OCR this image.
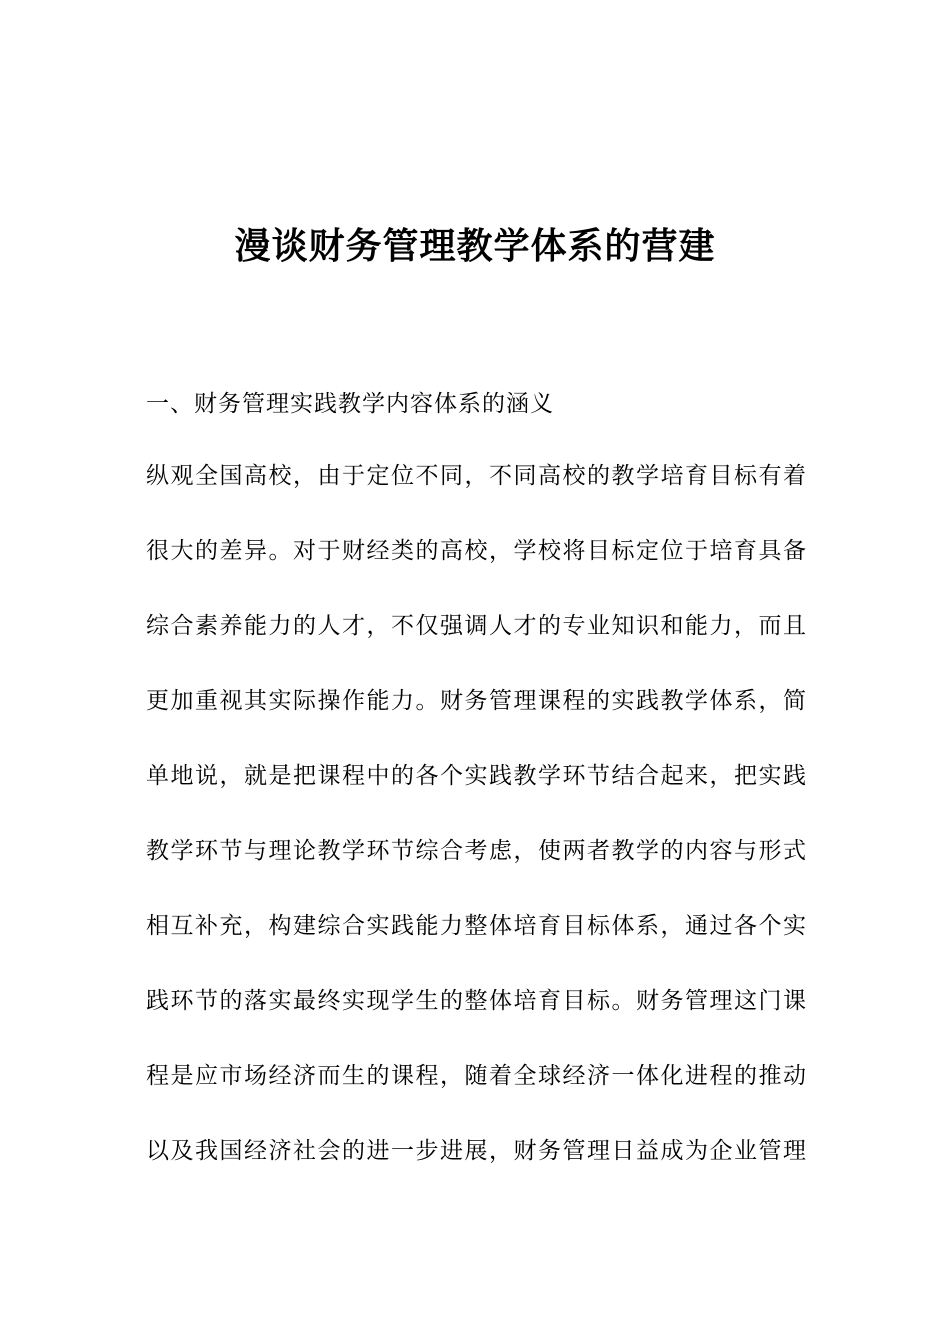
漫谈财务管理教学体系的营建
一、财务管理实践教学内容体系的涵义
纵观全国高校，由于定位不同，不同高校的教学培育目标有着
很大的差异。对于财经类的高校，学校将目标定位于培育具备
综合素养能力的人才，不仅强调人才的专业知识和能力，而且
更加重视其实际操作能力。财务管理课程的实践教学体系，简
单地说，就是把课程中的各个实践教学环节结合起来，把实践
教学环节与理论教学环节综合考虑，使两者教学的内容与形式
相互补充，构建综合实践能力整体培育目标体系，通过各个实
践环节的落实最终实现学生的整体培育目标。财务管理这门课
程是应市场经济而生的课程，随着全球经济一体化进程的推动
以及我国经济社会的进一步进展，财务管理日益成为企业管理
